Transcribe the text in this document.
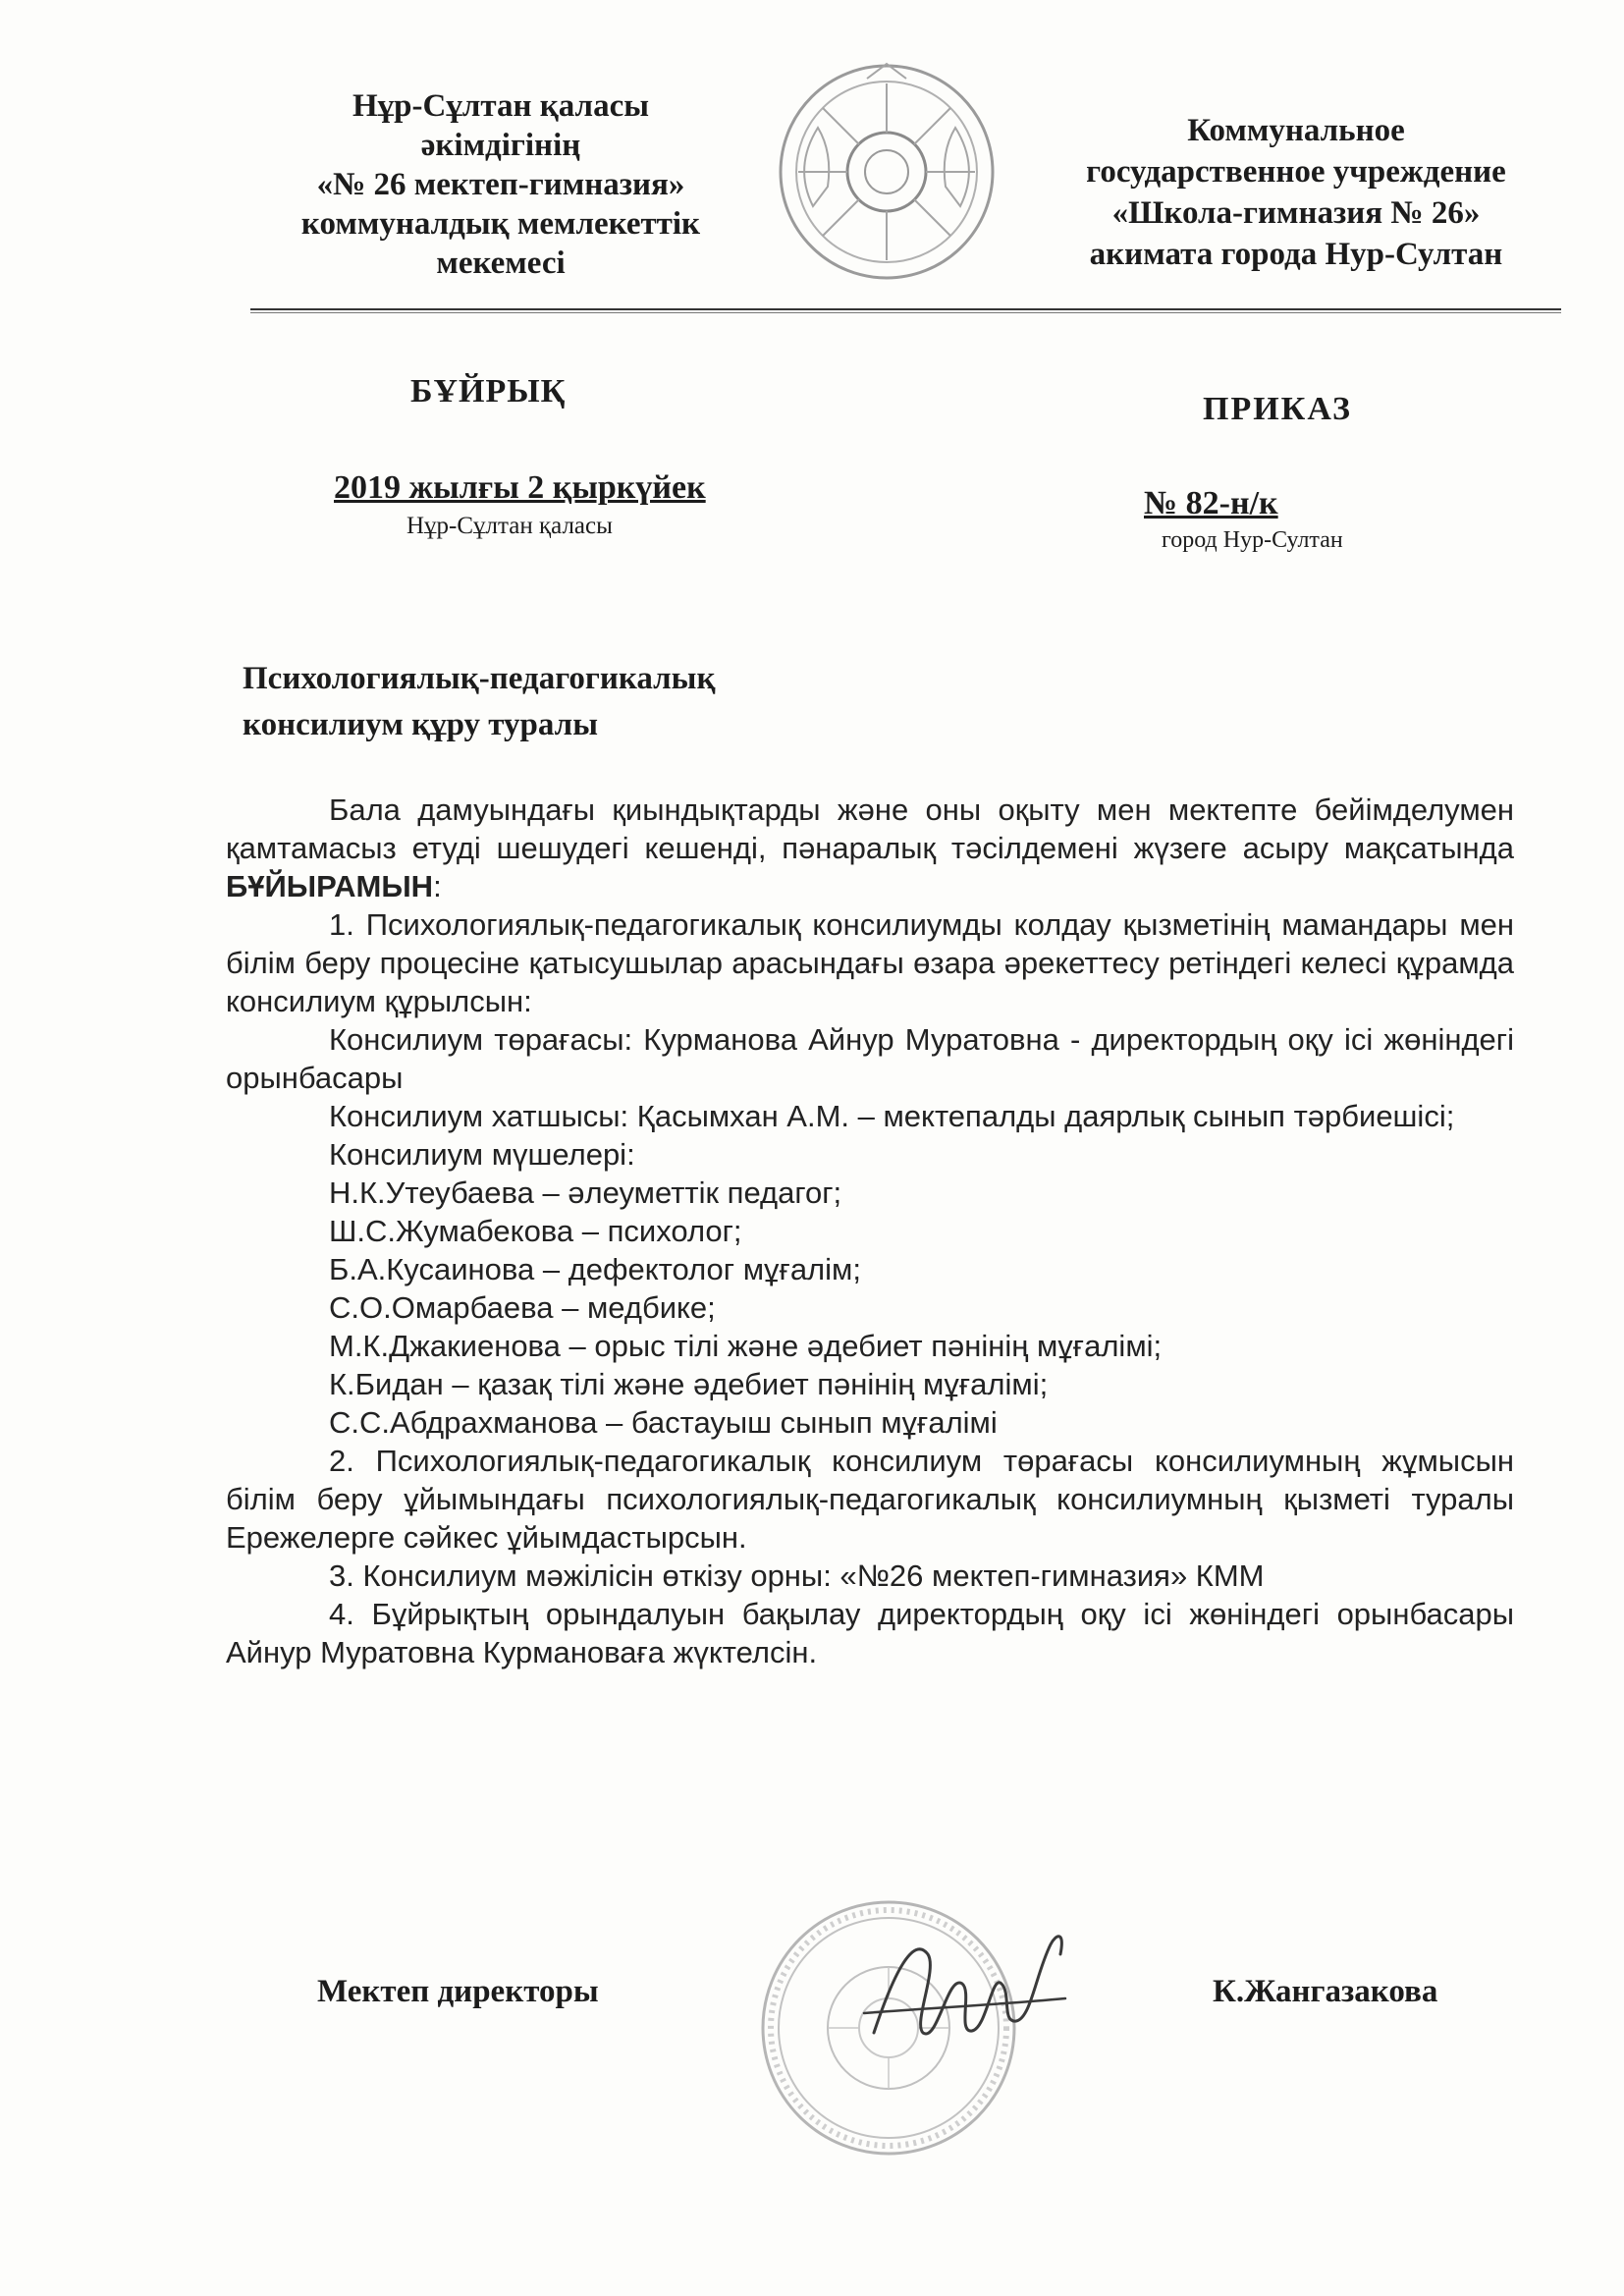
Нұр-Сұлтан қаласы
әкімдігінің
«№ 26 мектеп-гимназия»
коммуналдық мемлекеттік
мекемесі
Коммунальное
государственное учреждение
«Школа-гимназия № 26»
акимата города Нур-Султан
БҰЙРЫҚ	ПРИКАЗ
2019 жылғы 2 қыркүйек
Нұр-Сұлтан қаласы
№ 82-н/к
город Нур-Султан
Психологиялық-педагогикалық
консилиум құру туралы

Бала дамуындағы қиындықтарды және оны оқыту мен мектепте бейімделумен қамтамасыз етуді шешудегі кешенді, пәнаралық тәсілдемені жүзеге асыру мақсатында БҰЙЫРАМЫН:

1. Психологиялық-педагогикалық консилиумды колдау қызметінің мамандары мен білім беру процесіне қатысушылар арасындағы өзара әрекеттесу ретіндегі келесі құрамда консилиум құрылсын:

Консилиум төрағасы: Курманова Айнур Муратовна - директордың оқу ісі жөніндегі орынбасары

Консилиум хатшысы: Қасымхан А.М. – мектепалды даярлық сынып тәрбиешісі;

Консилиум мүшелері:

Н.К.Утеубаева – әлеуметтік педагог;

Ш.С.Жумабекова – психолог;

Б.А.Кусаинова – дефектолог мұғалім;

С.О.Омарбаева – медбике;

М.К.Джакиенова – орыс тілі және әдебиет пәнінің мұғалімі;

К.Бидан – қазақ тілі және әдебиет пәнінің мұғалімі;

С.С.Абдрахманова – бастауыш сынып мұғалімі

2. Психологиялық-педагогикалық консилиум төрағасы консилиумның жұмысын білім беру ұйымындағы психологиялық-педагогикалық консилиумның қызметі туралы Ережелерге сәйкес ұйымдастырсын.

3. Консилиум мәжілісін өткізу орны: «№26 мектеп-гимназия» КММ

4. Бұйрықтың орындалуын бақылау директордың оқу ісі жөніндегі орынбасары Айнур Муратовна Курмановаға жүктелсін.

Мектеп директоры	К.Жангазакова
